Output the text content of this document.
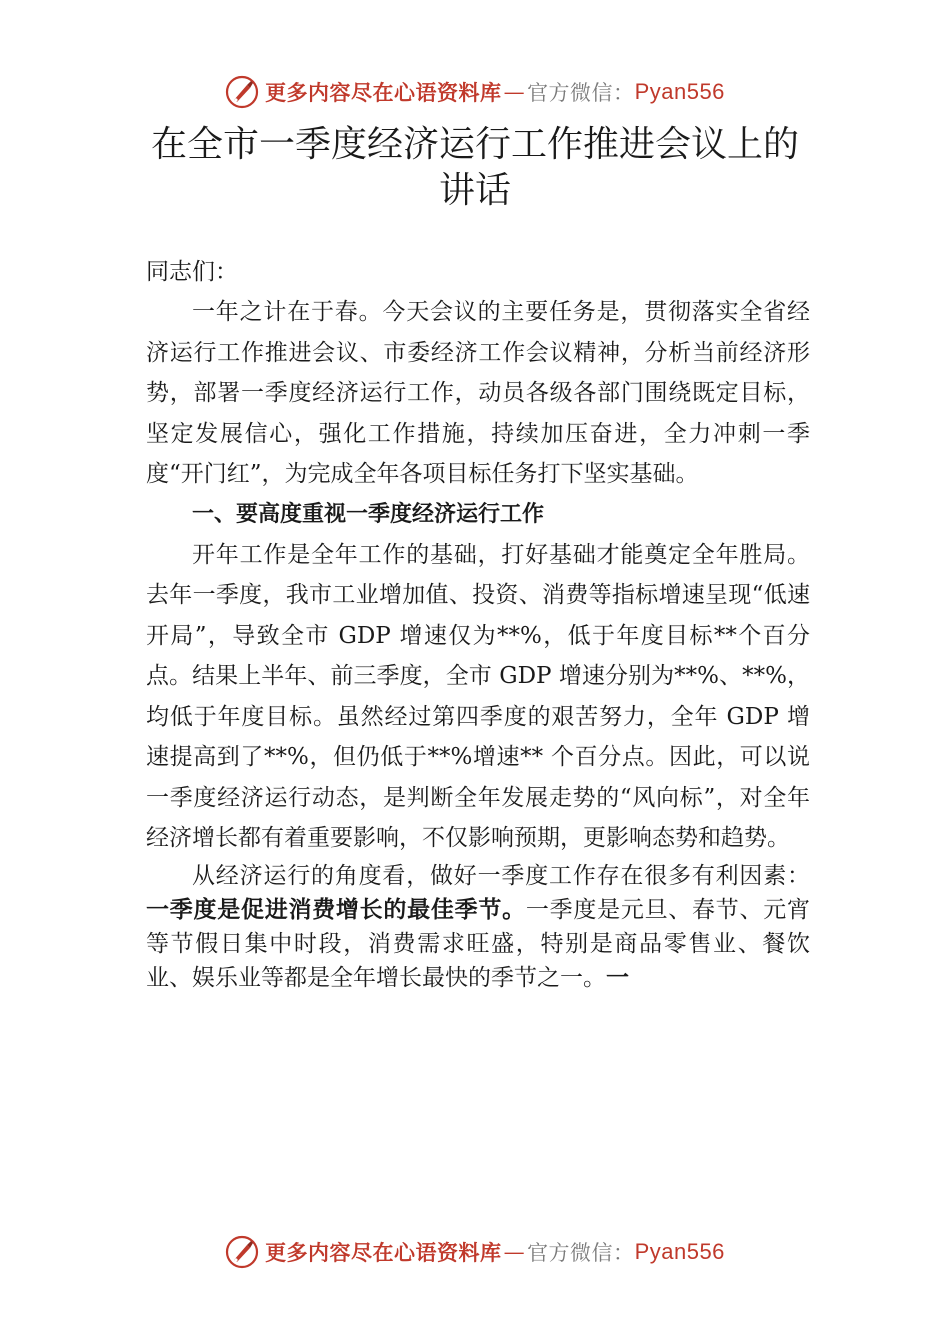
更多内容尽在心语资料库 — 官方微信： Pyan556
在全市一季度经济运行工作推进会议上的讲话

同志们：

一年之计在于春。今天会议的主要任务是，贯彻落实全省经济运行工作推进会议、市委经济工作会议精神，分析当前经济形势，部署一季度经济运行工作，动员各级各部门围绕既定目标，坚定发展信心，强化工作措施，持续加压奋进，全力冲刺一季度“开门红”，为完成全年各项目标任务打下坚实基础。

一、要高度重视一季度经济运行工作

开年工作是全年工作的基础，打好基础才能奠定全年胜局。去年一季度，我市工业增加值、投资、消费等指标增速呈现“低速开局”，导致全市 GDP 增速仅为**%，低于年度目标**个百分点。结果上半年、前三季度，全市 GDP 增速分别为**%、**%，均低于年度目标。虽然经过第四季度的艰苦努力，全年 GDP 增速提高到了**%，但仍低于**%增速** 个百分点。因此，可以说一季度经济运行动态，是判断全年发展走势的“风向标”，对全年经济增长都有着重要影响，不仅影响预期，更影响态势和趋势。

从经济运行的角度看，做好一季度工作存在很多有利因素：一季度是促进消费增长的最佳季节。一季度是元旦、春节、元宵等节假日集中时段，消费需求旺盛，特别是商品零售业、餐饮业、娱乐业等都是全年增长最快的季节之一。一

更多内容尽在心语资料库 — 官方微信： Pyan556
